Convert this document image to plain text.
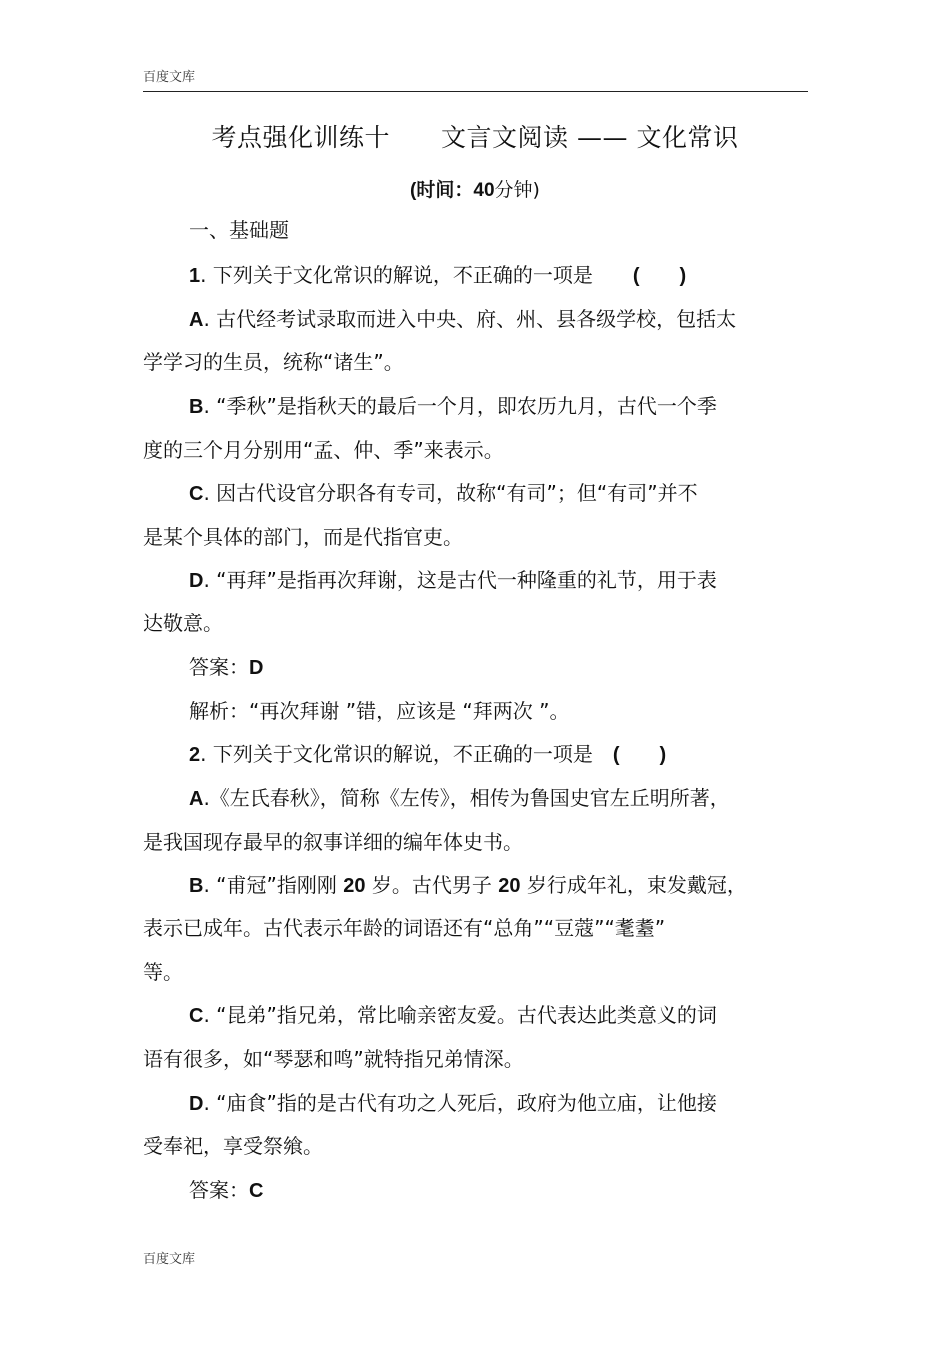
百度文库
考点强化训练十　　文言文阅读 —— 文化常识
(时间：40分钟)
一、基础题
1. 下列关于文化常识的解说，不正确的一项是　　(　　)
A. 古代经考试录取而进入中央、府、州、县各级学校，包括太
学学习的生员，统称“诸生”。
B. “季秋”是指秋天的最后一个月，即农历九月，古代一个季
度的三个月分别用“孟、仲、季”来表示。
C. 因古代设官分职各有专司，故称“有司”；但“有司”并不
是某个具体的部门，而是代指官吏。
D. “再拜”是指再次拜谢，这是古代一种隆重的礼节，用于表
达敬意。
答案：D
解析：“再次拜谢 ”错，应该是 “拜两次 ”。
2. 下列关于文化常识的解说，不正确的一项是　(　　)
A.《左氏春秋》，简称《左传》，相传为鲁国史官左丘明所著，
是我国现存最早的叙事详细的编年体史书。
B. “甫冠”指刚刚 20 岁。古代男子 20 岁行成年礼，束发戴冠，
表示已成年。古代表示年龄的词语还有“总角”“豆蔻”“耄耋”
等。
C. “昆弟”指兄弟，常比喻亲密友爱。古代表达此类意义的词
语有很多，如“琴瑟和鸣”就特指兄弟情深。
D. “庙食”指的是古代有功之人死后，政府为他立庙，让他接
受奉祀，享受祭飨。
答案：C
百度文库
